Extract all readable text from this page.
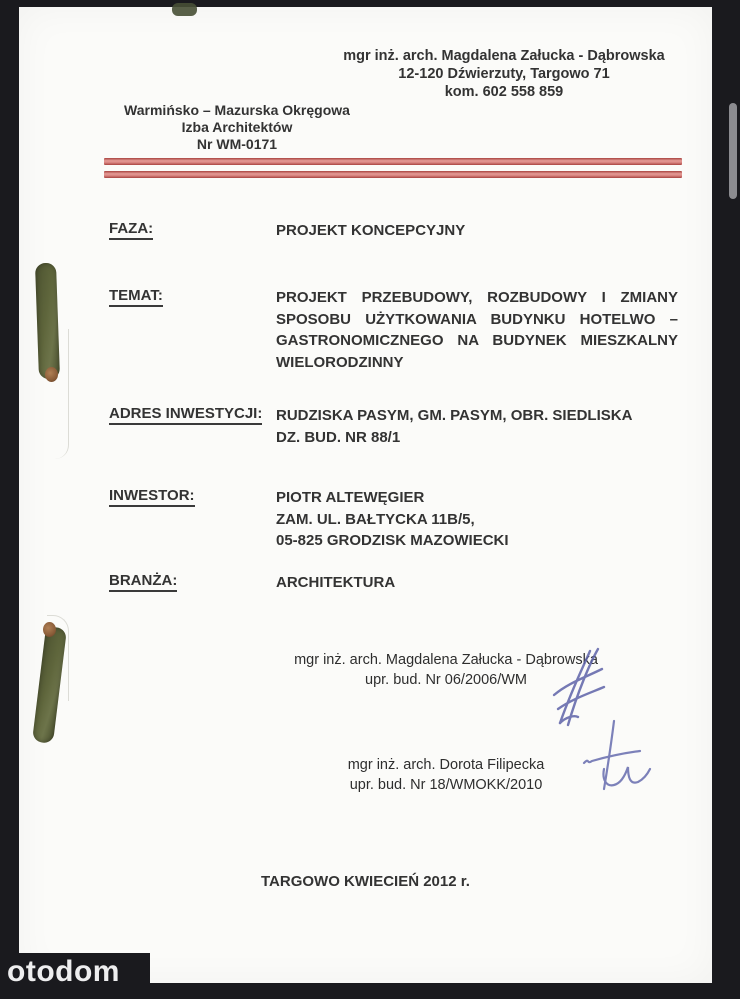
mgr inż. arch. Magdalena Załucka - Dąbrowska
12-120 Dźwierzuty, Targowo 71
kom. 602 558 859
Warmińsko – Mazurska Okręgowa
Izba Architektów
Nr WM-0171
FAZA:	PROJEKT KONCEPCYJNY
TEMAT:	PROJEKT PRZEBUDOWY, ROZBUDOWY I ZMIANY
SPOSOBU UŻYTKOWANIA BUDYNKU HOTELWO –
GASTRONOMICZNEGO NA BUDYNEK MIESZKALNY
WIELORODZINNY
ADRES INWESTYCJI: RUDZISKA PASYM, GM. PASYM, OBR. SIEDLISKA
DZ. BUD. NR 88/1
INWESTOR:	PIOTR ALTEWĘGIER
ZAM. UL. BAŁTYCKA 11B/5,
05-825 GRODZISK MAZOWIECKI
BRANŻA:	ARCHITEKTURA
mgr inż. arch. Magdalena Załucka - Dąbrowska
upr. bud. Nr 06/2006/WM
mgr inż. arch. Dorota Filipecka
upr. bud. Nr 18/WMOKK/2010
TARGOWO KWIECIEŃ 2012 r.
otodom
